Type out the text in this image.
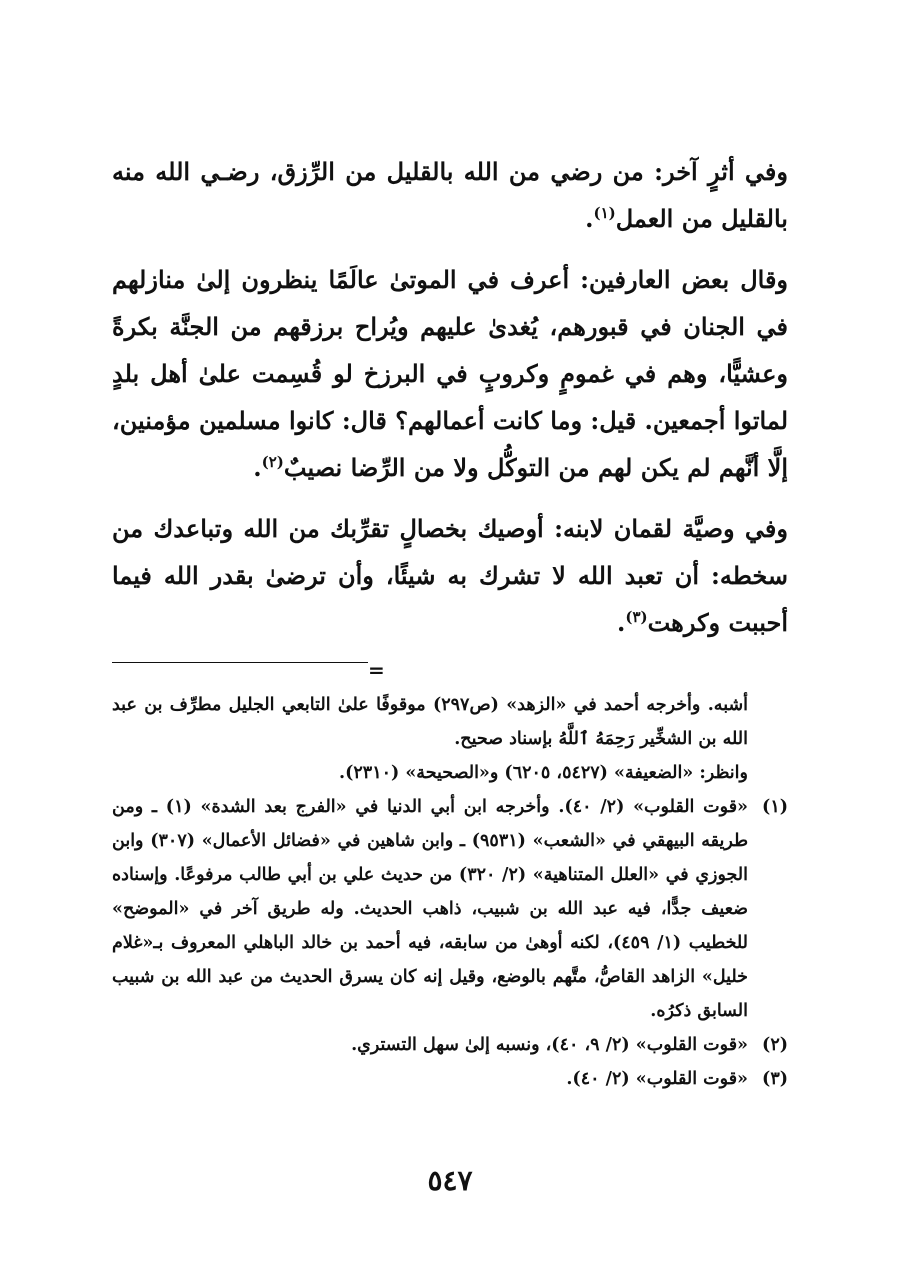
وفي أثرٍ آخر: من رضي من الله بالقليل من الرِّزق، رضـي الله منه بالقليل من العمل$^{(١)}$.

وقال بعض العارفين: أعرف في الموتىٰ عالَمًا ينظرون إلىٰ منازلهم في الجنان في قبورهم، يُغدىٰ عليهم ويُراح برزقهم من الجنَّة بكرةً وعشيًّا، وهم في غمومٍ وكروبٍ في البرزخ لو قُسِمت علىٰ أهل بلدٍ لماتوا أجمعين. قيل: وما كانت أعمالهم؟ قال: كانوا مسلمين مؤمنين، إلَّا أنَّهم لم يكن لهم من التوكُّل ولا من الرِّضا نصيبٌ$^{(٢)}$.

وفي وصيَّة لقمان لابنه: أوصيك بخصالٍ تقرِّبك من الله وتباعدك من سخطه: أن تعبد الله لا تشرك به شيئًا، وأن ترضىٰ بقدر الله فيما أحببت وكرهت$^{(٣)}$.

=

أشبه. وأخرجه أحمد في «الزهد» (ص٢٩٧) موقوفًا علىٰ التابعي الجليل مطرِّف بن عبد الله بن الشخِّير رَحِمَهُ ٱللَّهُ بإسناد صحيح.

وانظر: «الضعيفة» (٥٤٢٧، ٦٢٠٥) و«الصحيحة» (٢٣١٠).

(١)
«قوت القلوب» (٢/ ٤٠). وأخرجه ابن أبي الدنيا في «الفرج بعد الشدة» (١) ـ ومن طريقه البيهقي في «الشعب» (٩٥٣١) ـ وابن شاهين في «فضائل الأعمال» (٣٠٧) وابن الجوزي في «العلل المتناهية» (٢/ ٣٢٠) من حديث علي بن أبي طالب مرفوعًا. وإسناده ضعيف جدًّا، فيه عبد الله بن شبيب، ذاهب الحديث. وله طريق آخر في «الموضح» للخطيب (١/ ٤٥٩)، لكنه أوهىٰ من سابقه، فيه أحمد بن خالد الباهلي المعروف بـ«غلام خليل» الزاهد القاصُّ، متَّهم بالوضع، وقيل إنه كان يسرق الحديث من عبد الله بن شبيب السابق ذكرُه.
(٢)
«قوت القلوب» (٢/ ٩، ٤٠)، ونسبه إلىٰ سهل التستري.
(٣)
«قوت القلوب» (٢/ ٤٠).
٥٤٧
